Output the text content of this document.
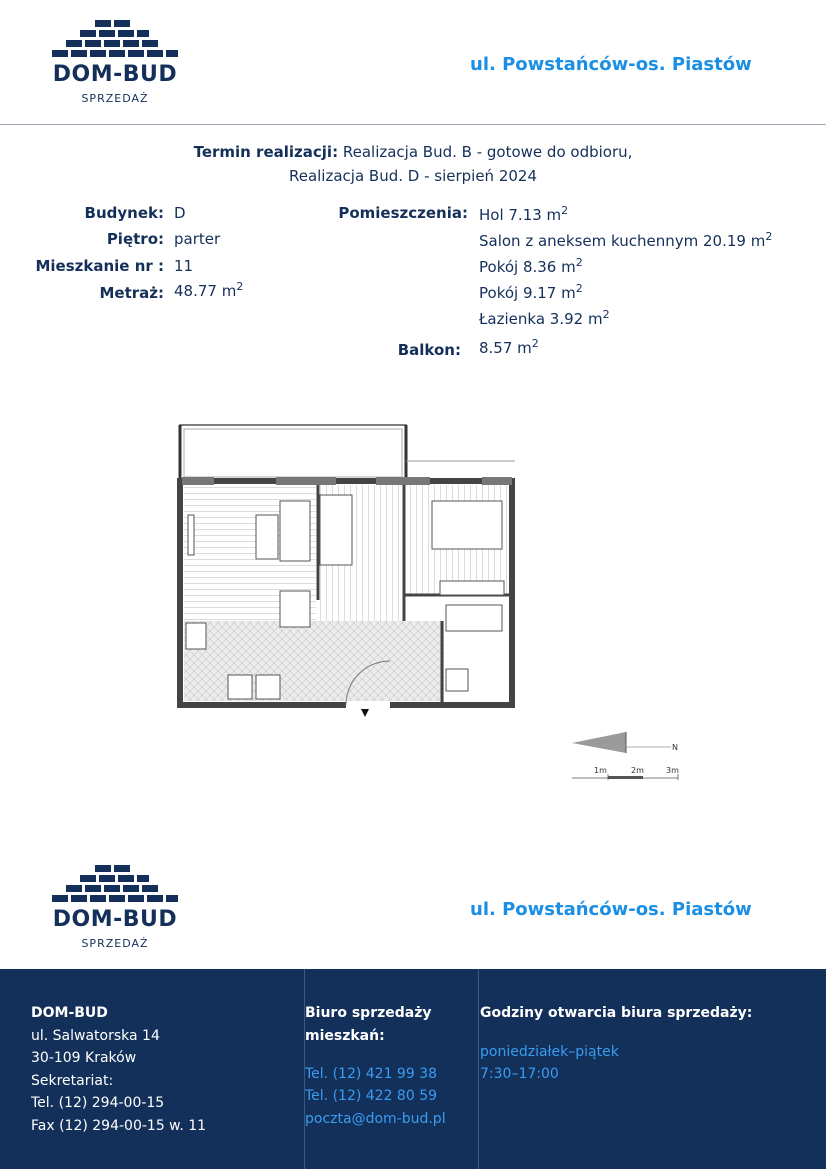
DOM-BUD
SPRZEDAŻ
ul. Powstańców-os. Piastów
Termin realizacji: Realizacja Bud. B - gotowe do odbioru,
Realizacja Bud. D - sierpień 2024
Budynek: D
Piętro: parter
Mieszkanie nr : 11
Metraż: 48.77 $m^2$
Pomieszczenia: Hol 7.13 $m^2$
Salon z aneksem kuchennym 20.19 $m^2$
Pokój 8.36 $m^2$
Pokój 9.17 $m^2$
Łazienka 3.92 $m^2$
Balkon: 8.57 $m^2$
N
1m	2m	3m
DOM-BUD
SPRZEDAŻ
ul. Powstańców-os. Piastów
DOM-BUD
ul. Salwatorska 14
30-109 Kraków
Sekretariat:
Tel. (12) 294-00-15
Fax (12) 294-00-15 w. 11
Biuro sprzedaży
mieszkań:
Tel. (12) 421 99 38
Tel. (12) 422 80 59
poczta@dom-bud.pl
Godziny otwarcia biura sprzedaży:
poniedziałek–piątek
7:30–17:00
